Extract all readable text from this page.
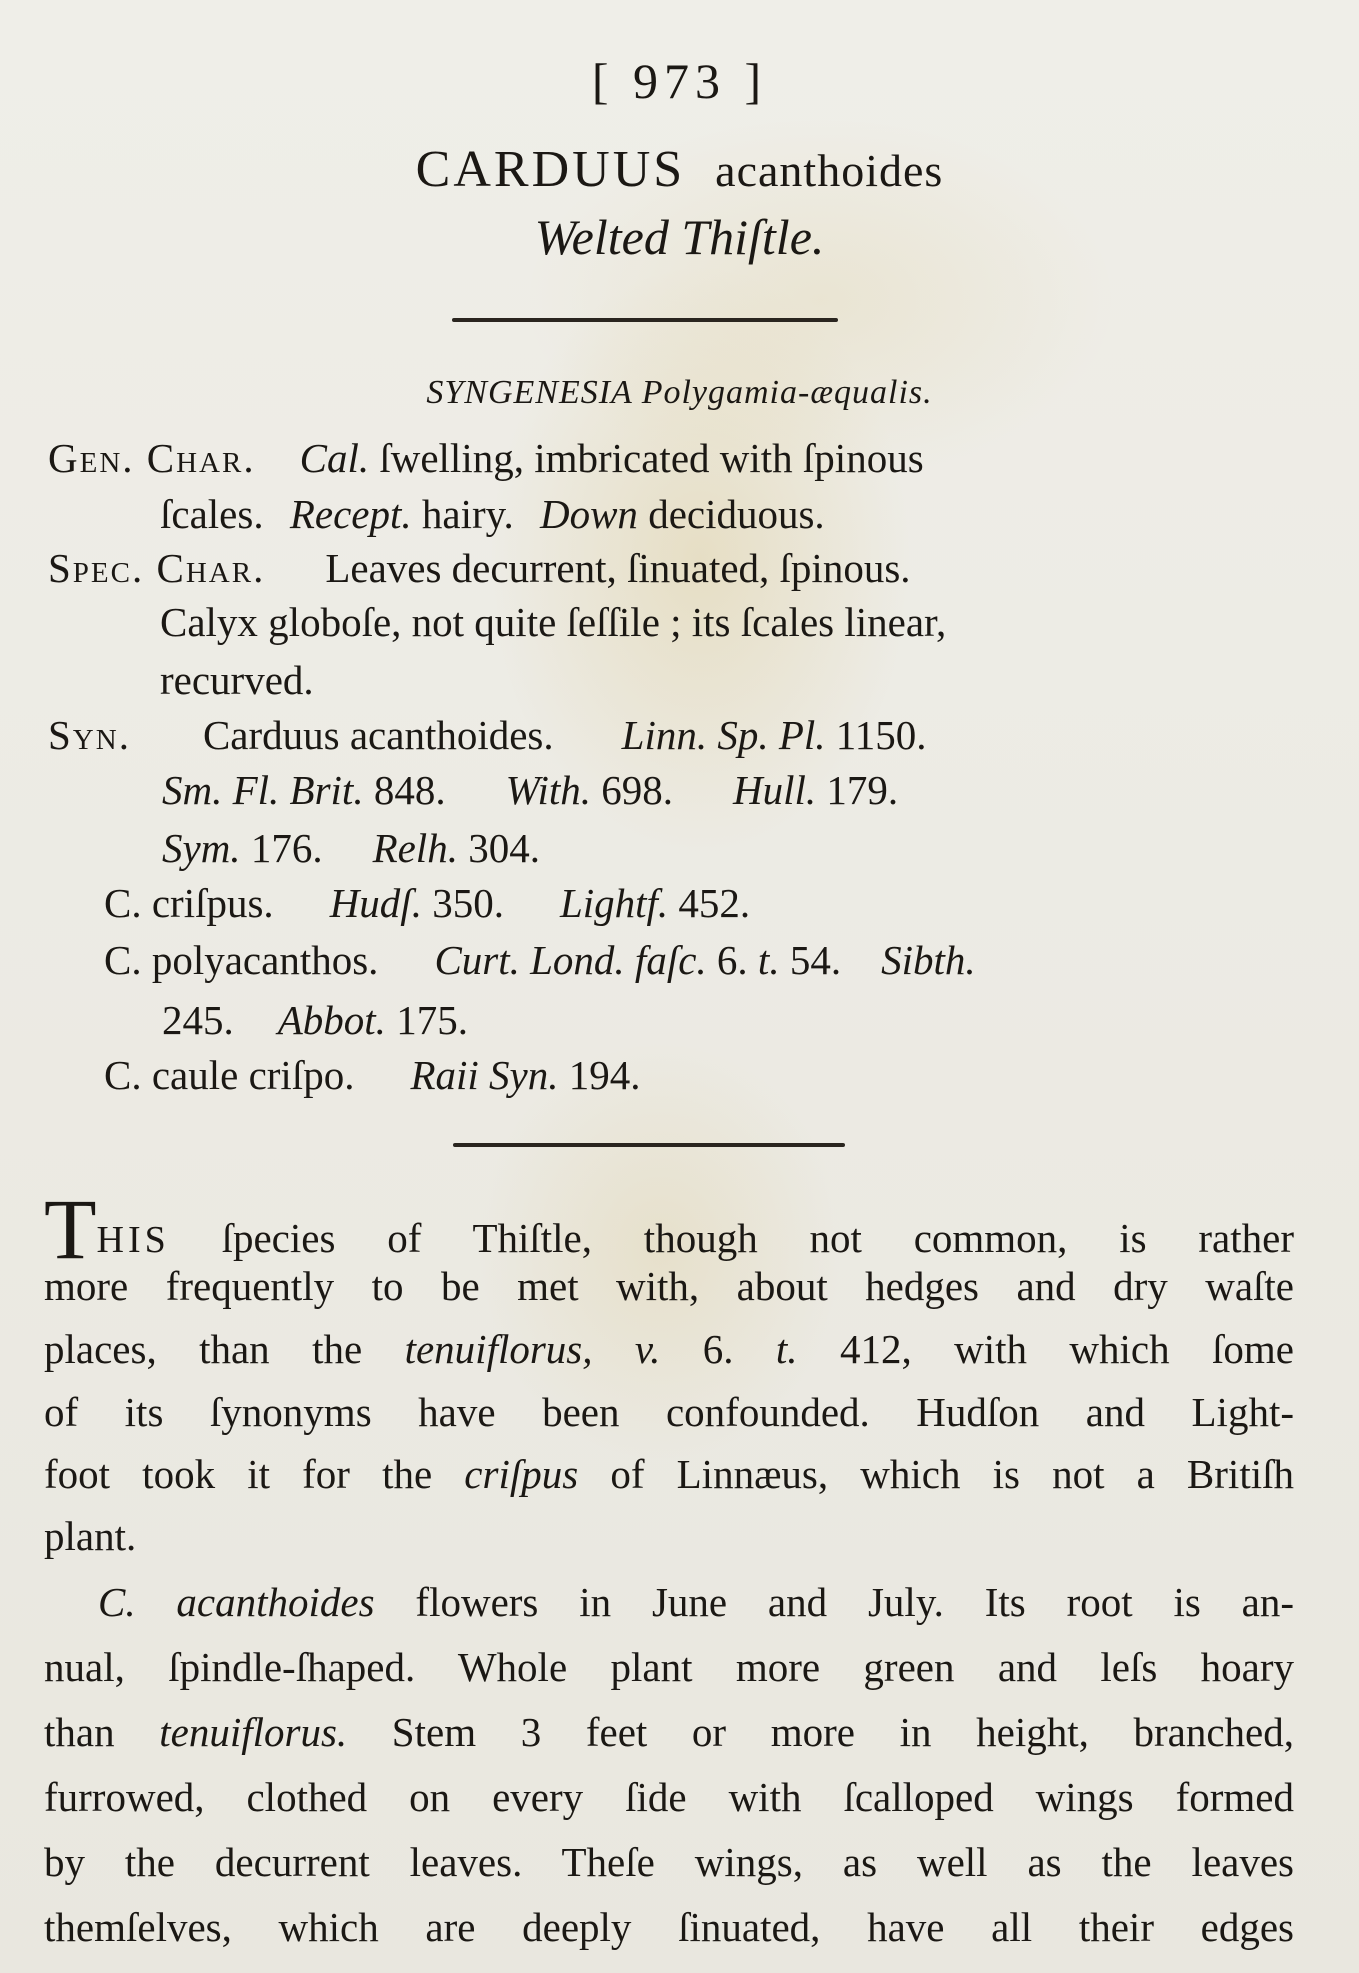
[ 973 ]
CARDUUS acanthoides
Welted Thiſtle.
SYNGENESIA Polygamia-æqualis.
Gen. Char. Cal. ſwelling, imbricated with ſpinous
ſcales. Recept. hairy. Down deciduous.
Spec. Char. Leaves decurrent, ſinuated, ſpinous.
Calyx globoſe, not quite ſeſſile ; its ſcales linear,
recurved.
Syn. Carduus acanthoides. Linn. Sp. Pl. 1150.
Sm. Fl. Brit. 848. With. 698. Hull. 179.
Sym. 176. Relh. 304.
C. criſpus. Hudſ. 350. Lightf. 452.
C. polyacanthos. Curt. Lond. faſc. 6. t. 54. Sibth.
245. Abbot. 175.
C. caule criſpo. Raii Syn. 194.
THIS ſpecies of Thiſtle, though not common, is rather
more frequently to be met with, about hedges and dry waſte
places, than the tenuiflorus, v. 6. t. 412, with which ſome
of its ſynonyms have been confounded. Hudſon and Light-
foot took it for the criſpus of Linnæus, which is not a Britiſh
plant.
C. acanthoides flowers in June and July. Its root is an-
nual, ſpindle-ſhaped. Whole plant more green and leſs hoary
than tenuiflorus. Stem 3 feet or more in height, branched,
furrowed, clothed on every ſide with ſcalloped wings formed
by the decurrent leaves. Theſe wings, as well as the leaves
themſelves, which are deeply ſinuated, have all their edges
